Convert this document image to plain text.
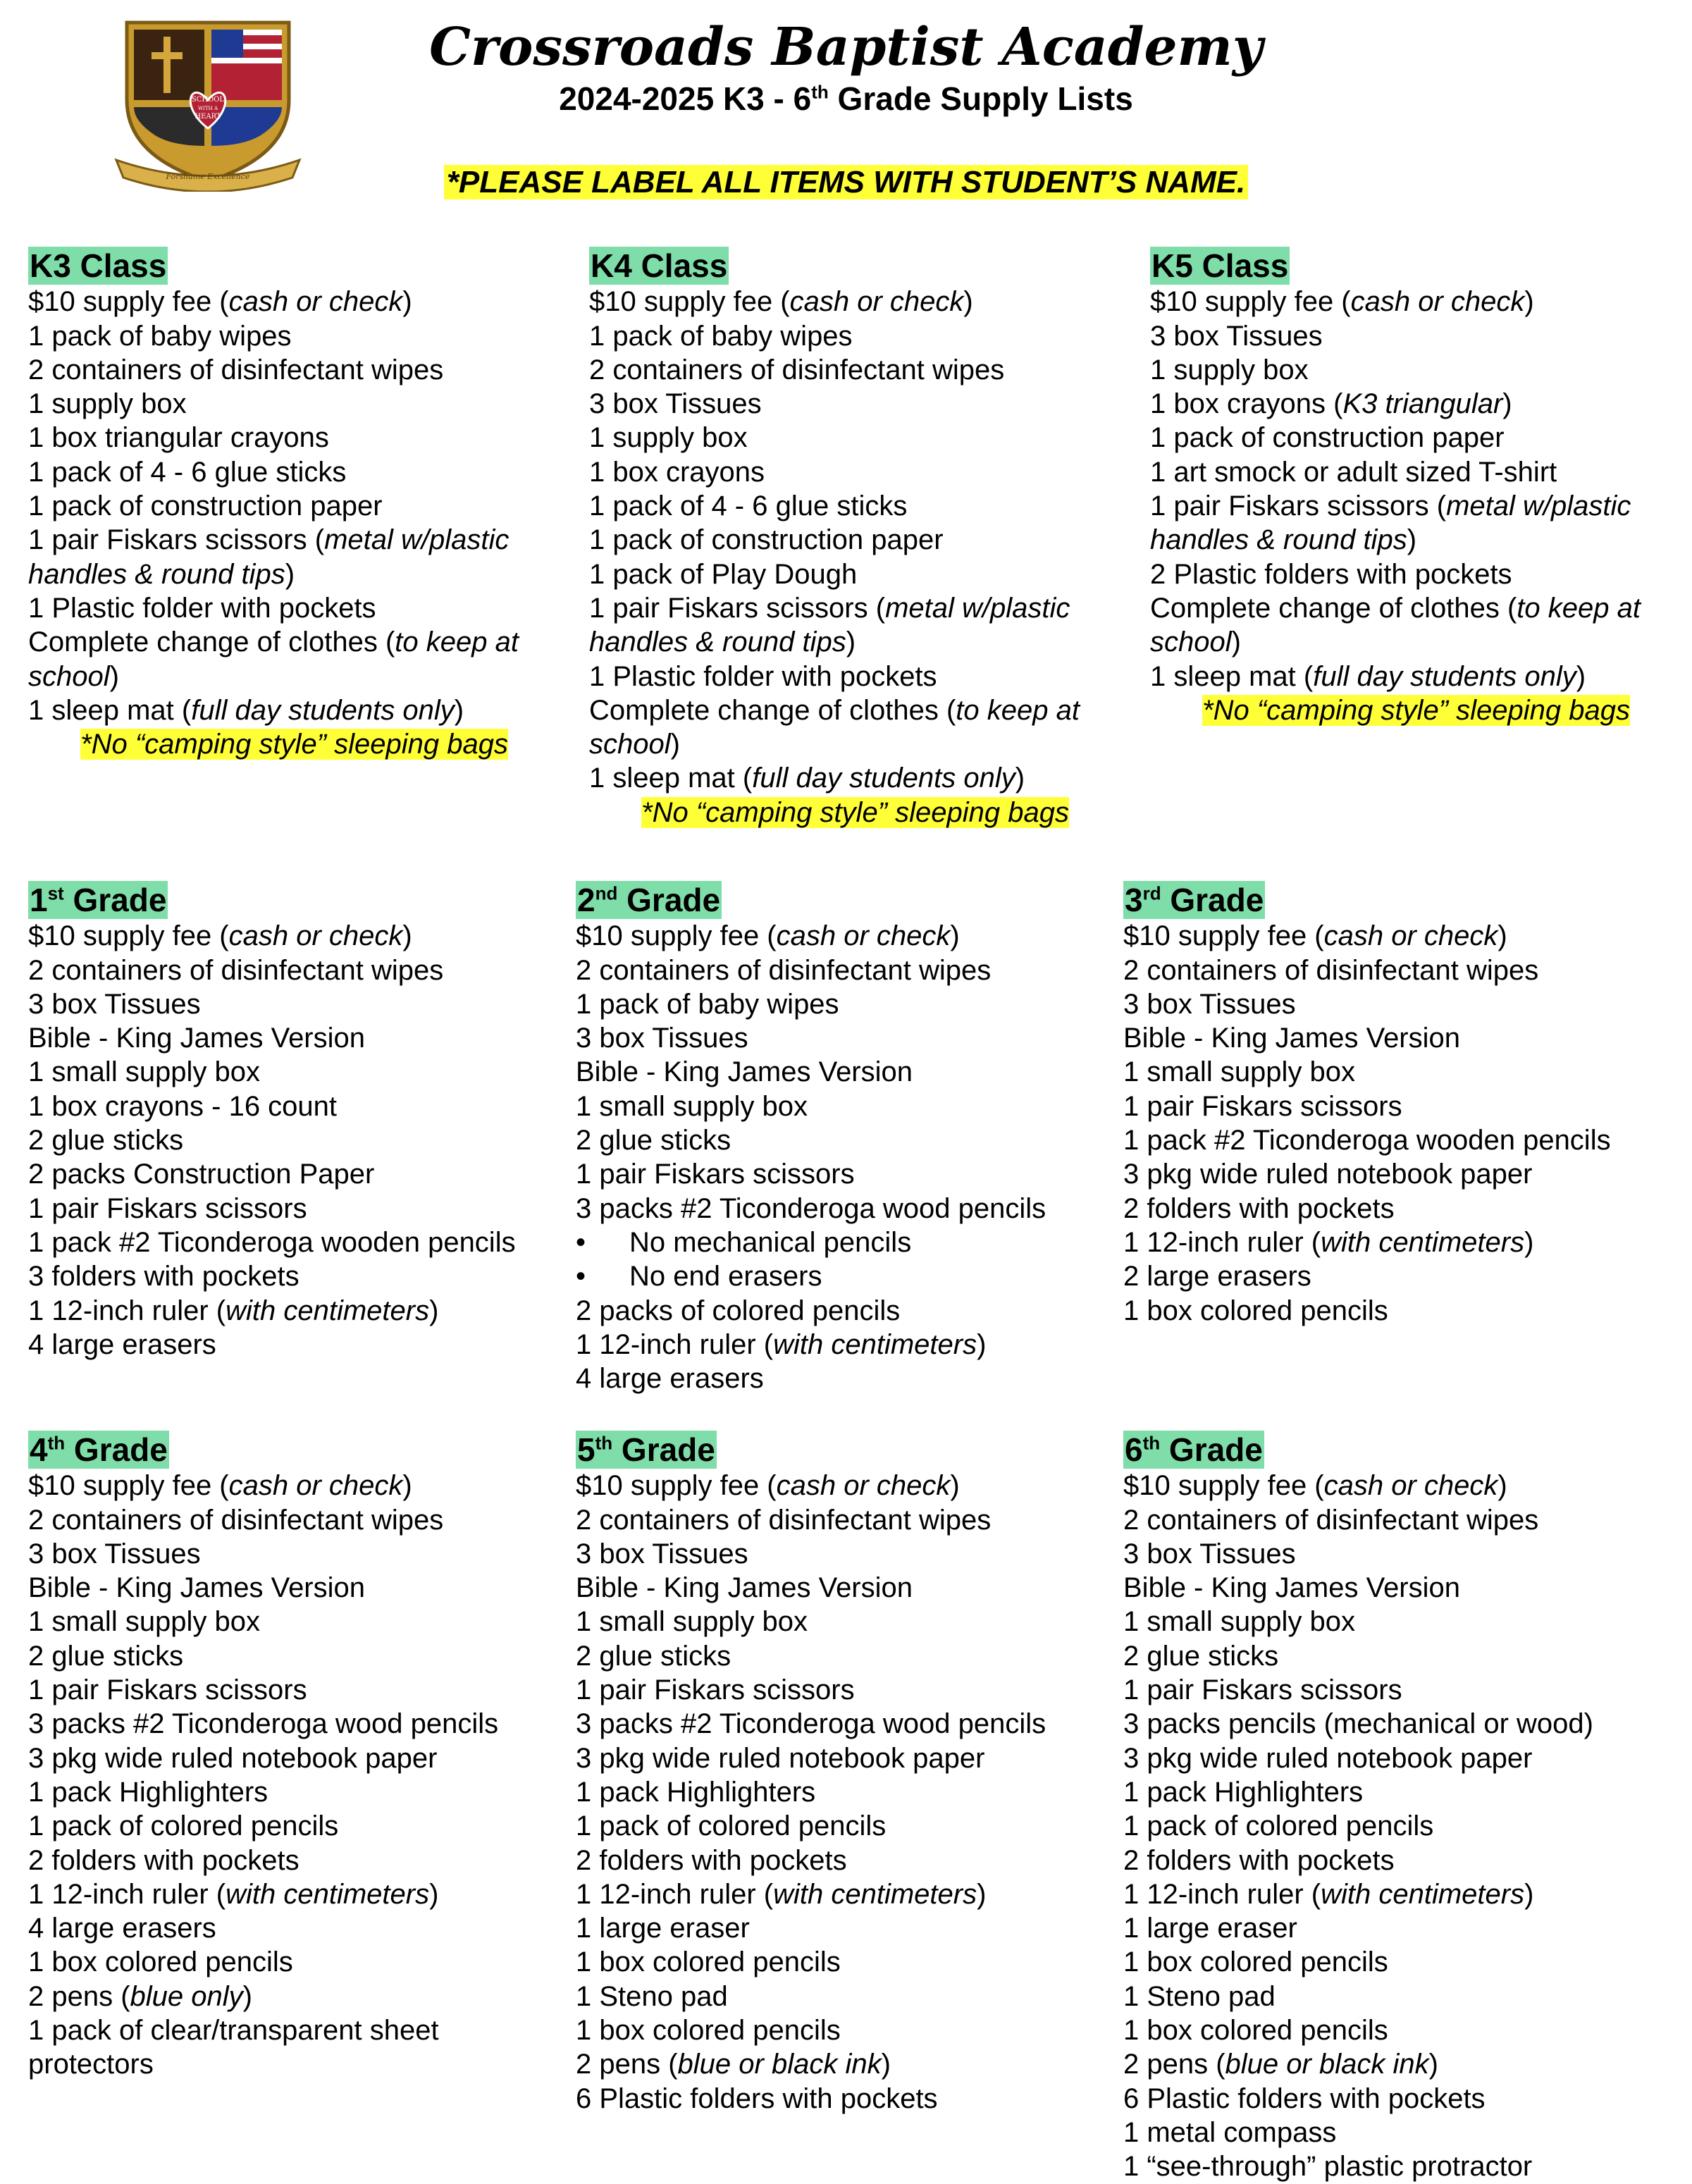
SCHOOL
WITH A
HEART
Forshame Excellence
Crossroads Baptist Academy
2024-2025 K3 - 6th Grade Supply Lists
*PLEASE LABEL ALL ITEMS WITH STUDENT’S NAME.
K3 Class
$10 supply fee (cash or check)
1 pack of baby wipes
2 containers of disinfectant wipes
1 supply box
1 box triangular crayons
1 pack of 4 - 6 glue sticks
1 pack of construction paper
1 pair Fiskars scissors (metal w/plastic
handles & round tips)
1 Plastic folder with pockets
Complete change of clothes (to keep at
school)
1 sleep mat (full day students only)
*No “camping style” sleeping bags
K4 Class
$10 supply fee (cash or check)
1 pack of baby wipes
2 containers of disinfectant wipes
3 box Tissues
1 supply box
1 box crayons
1 pack of 4 - 6 glue sticks
1 pack of construction paper
1 pack of Play Dough
1 pair Fiskars scissors (metal w/plastic
handles & round tips)
1 Plastic folder with pockets
Complete change of clothes (to keep at
school)
1 sleep mat (full day students only)
*No “camping style” sleeping bags
K5 Class
$10 supply fee (cash or check)
3 box Tissues
1 supply box
1 box crayons (K3 triangular)
1 pack of construction paper
1 art smock or adult sized T-shirt
1 pair Fiskars scissors (metal w/plastic
handles & round tips)
2 Plastic folders with pockets
Complete change of clothes (to keep at
school)
1 sleep mat (full day students only)
*No “camping style” sleeping bags
1st Grade
$10 supply fee (cash or check)
2 containers of disinfectant wipes
3 box Tissues
Bible - King James Version
1 small supply box
1 box crayons - 16 count
2 glue sticks
2 packs Construction Paper
1 pair Fiskars scissors
1 pack #2 Ticonderoga wooden pencils
3 folders with pockets
1 12-inch ruler (with centimeters)
4 large erasers
2nd Grade
$10 supply fee (cash or check)
2 containers of disinfectant wipes
1 pack of baby wipes
3 box Tissues
Bible - King James Version
1 small supply box
2 glue sticks
1 pair Fiskars scissors
3 packs #2 Ticonderoga wood pencils
• No mechanical pencils
• No end erasers
2 packs of colored pencils
1 12-inch ruler (with centimeters)
4 large erasers
3rd Grade
$10 supply fee (cash or check)
2 containers of disinfectant wipes
3 box Tissues
Bible - King James Version
1 small supply box
1 pair Fiskars scissors
1 pack #2 Ticonderoga wooden pencils
3 pkg wide ruled notebook paper
2 folders with pockets
1 12-inch ruler (with centimeters)
2 large erasers
1 box colored pencils
4th Grade
$10 supply fee (cash or check)
2 containers of disinfectant wipes
3 box Tissues
Bible - King James Version
1 small supply box
2 glue sticks
1 pair Fiskars scissors
3 packs #2 Ticonderoga wood pencils
3 pkg wide ruled notebook paper
1 pack Highlighters
1 pack of colored pencils
2 folders with pockets
1 12-inch ruler (with centimeters)
4 large erasers
1 box colored pencils
2 pens (blue only)
1 pack of clear/transparent sheet
protectors
5th Grade
$10 supply fee (cash or check)
2 containers of disinfectant wipes
3 box Tissues
Bible - King James Version
1 small supply box
2 glue sticks
1 pair Fiskars scissors
3 packs #2 Ticonderoga wood pencils
3 pkg wide ruled notebook paper
1 pack Highlighters
1 pack of colored pencils
2 folders with pockets
1 12-inch ruler (with centimeters)
1 large eraser
1 box colored pencils
1 Steno pad
1 box colored pencils
2 pens (blue or black ink)
6 Plastic folders with pockets
6th Grade
$10 supply fee (cash or check)
2 containers of disinfectant wipes
3 box Tissues
Bible - King James Version
1 small supply box
2 glue sticks
1 pair Fiskars scissors
3 packs pencils (mechanical or wood)
3 pkg wide ruled notebook paper
1 pack Highlighters
1 pack of colored pencils
2 folders with pockets
1 12-inch ruler (with centimeters)
1 large eraser
1 box colored pencils
1 Steno pad
1 box colored pencils
2 pens (blue or black ink)
6 Plastic folders with pockets
1 metal compass
1 “see-through” plastic protractor
